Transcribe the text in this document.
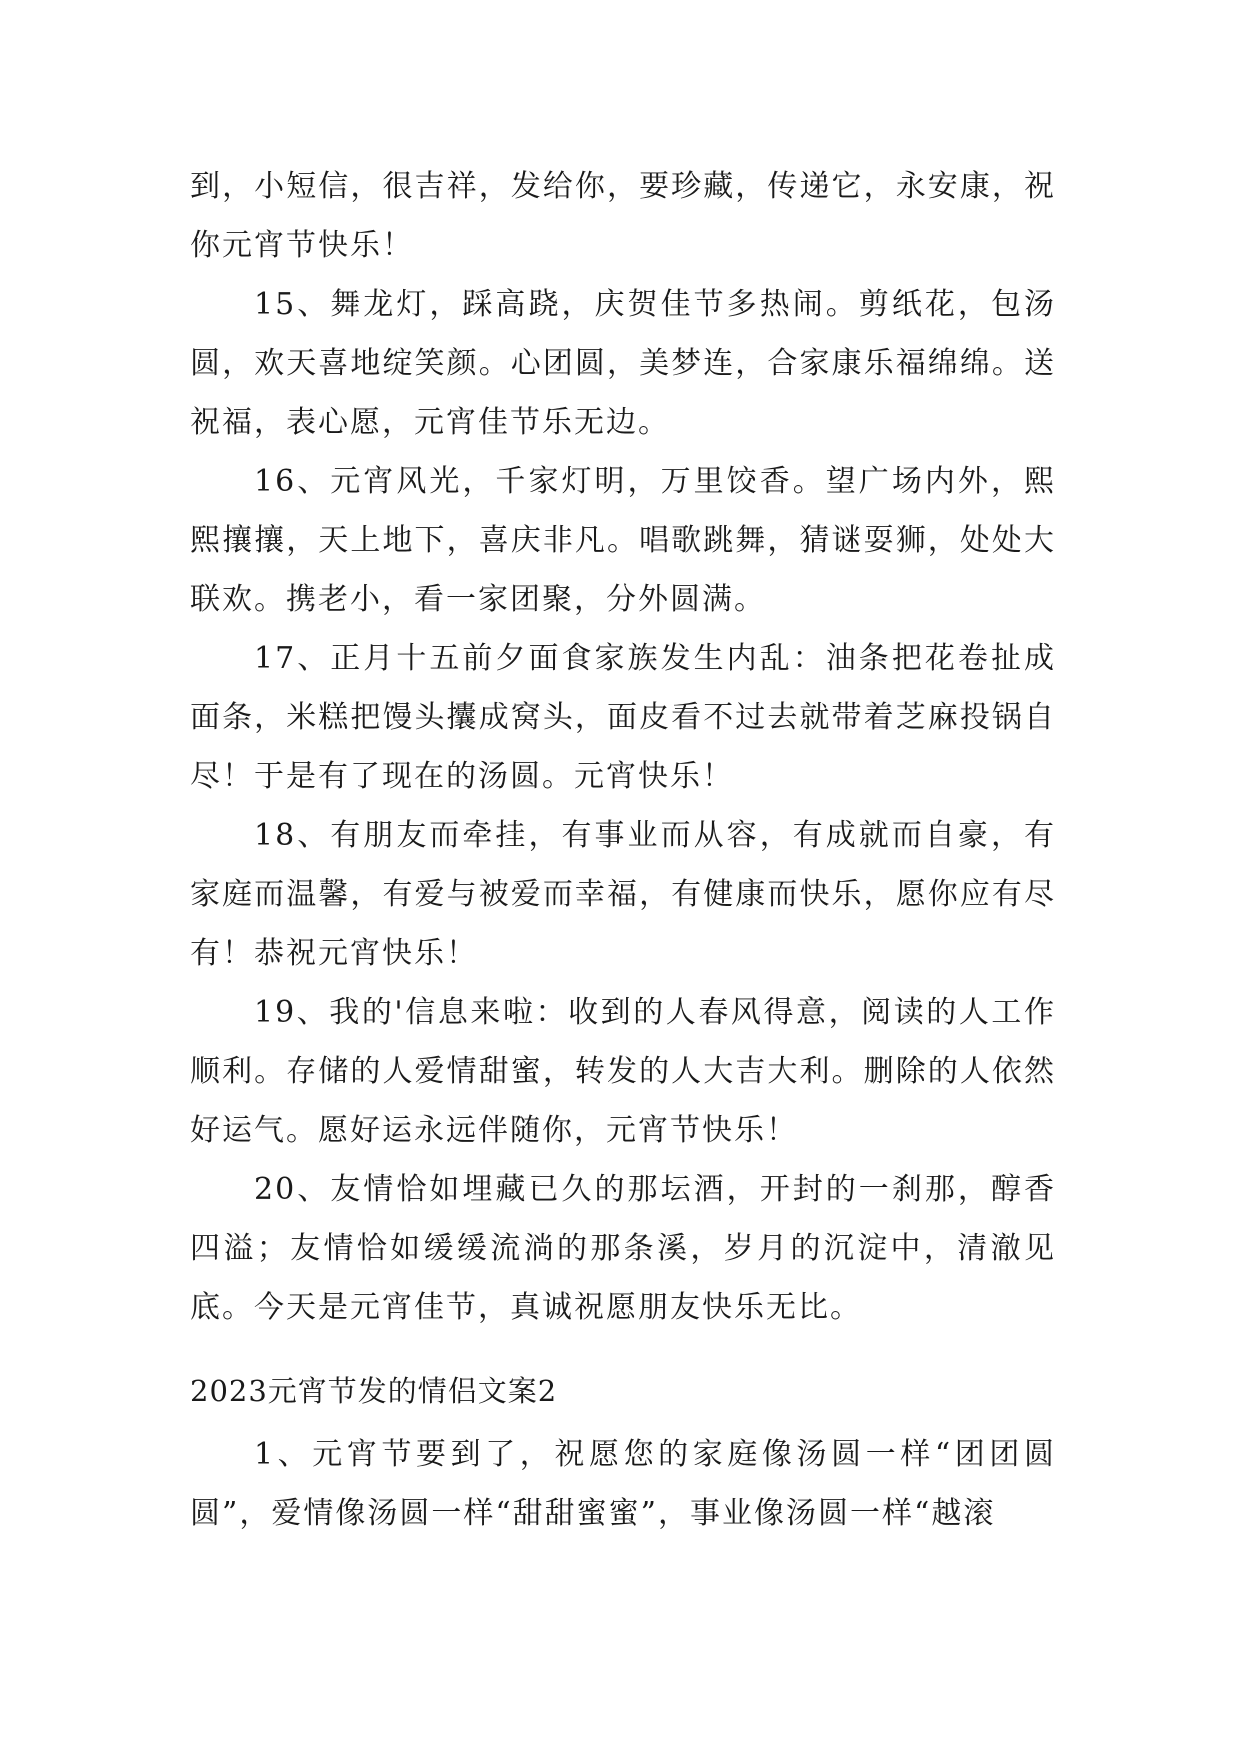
到，小短信，很吉祥，发给你，要珍藏，传递它，永安康，祝你元宵节快乐！

15、舞龙灯，踩高跷，庆贺佳节多热闹。剪纸花，包汤圆，欢天喜地绽笑颜。心团圆，美梦连，合家康乐福绵绵。送祝福，表心愿，元宵佳节乐无边。

16、元宵风光，千家灯明，万里饺香。望广场内外，熙熙攘攘，天上地下，喜庆非凡。唱歌跳舞，猜谜耍狮，处处大联欢。携老小，看一家团聚，分外圆满。

17、正月十五前夕面食家族发生内乱：油条把花卷扯成面条，米糕把馒头攮成窝头，面皮看不过去就带着芝麻投锅自尽！于是有了现在的汤圆。元宵快乐！

18、有朋友而牵挂，有事业而从容，有成就而自豪，有家庭而温馨，有爱与被爱而幸福，有健康而快乐，愿你应有尽有！恭祝元宵快乐！

19、我的'信息来啦：收到的人春风得意，阅读的人工作顺利。存储的人爱情甜蜜，转发的人大吉大利。删除的人依然好运气。愿好运永远伴随你，元宵节快乐！

20、友情恰如埋藏已久的那坛酒，开封的一刹那，醇香四溢；友情恰如缓缓流淌的那条溪，岁月的沉淀中，清澈见底。今天是元宵佳节，真诚祝愿朋友快乐无比。

2023元宵节发的情侣文案2

1、元宵节要到了，祝愿您的家庭像汤圆一样“团团圆圆”，爱情像汤圆一样“甜甜蜜蜜”，事业像汤圆一样“越滚
